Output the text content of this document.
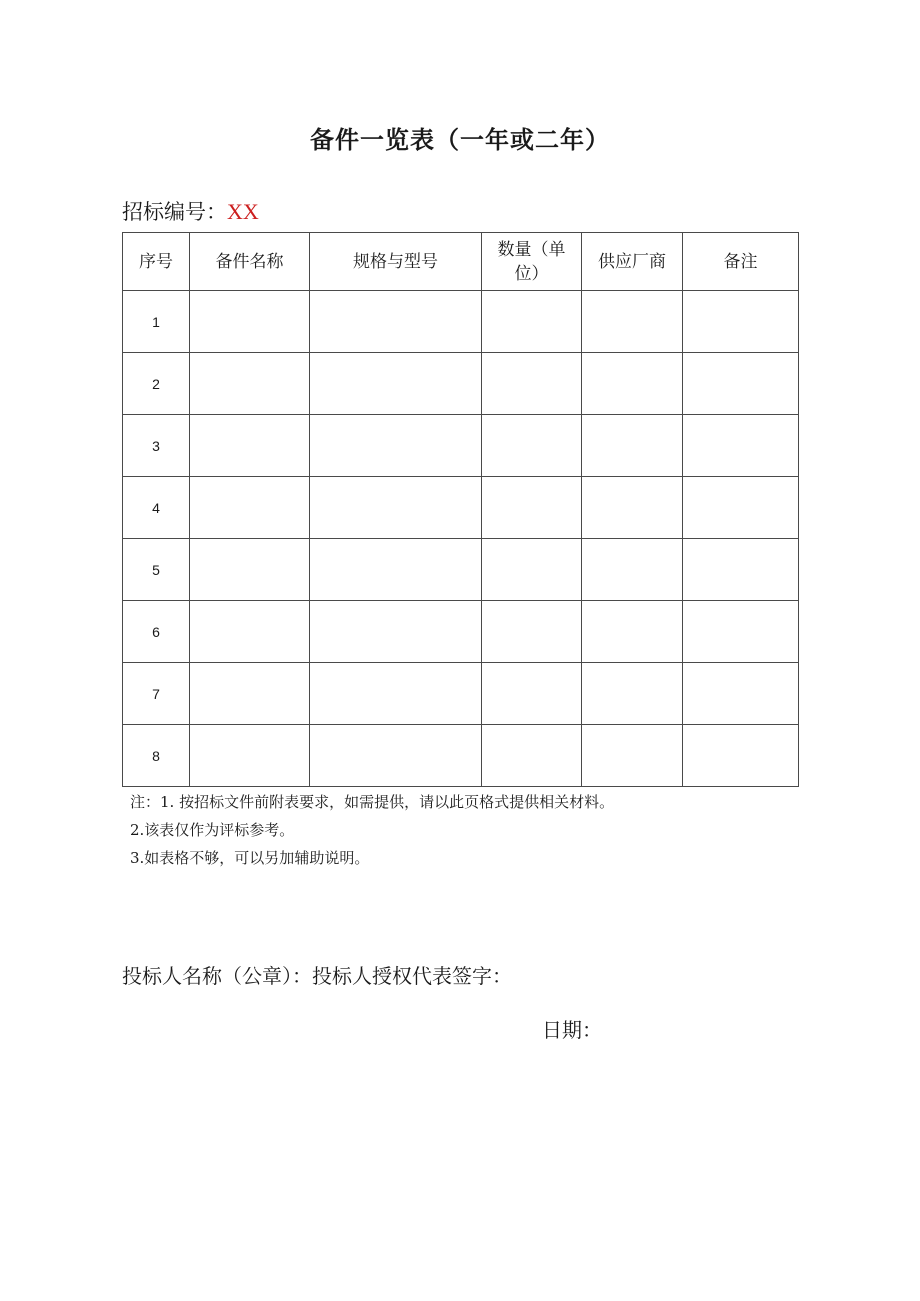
备件一览表（一年或二年）
招标编号：XX
序号	备件名称	规格与型号	数量（单位）	供应厂商	备注
1					
2					
3					
4					
5					
6					
7					
8					
注：1. 按招标文件前附表要求，如需提供，请以此页格式提供相关材料。
2.该表仅作为评标参考。
3.如表格不够，可以另加辅助说明。
投标人名称（公章）：投标人授权代表签字：
日期：
